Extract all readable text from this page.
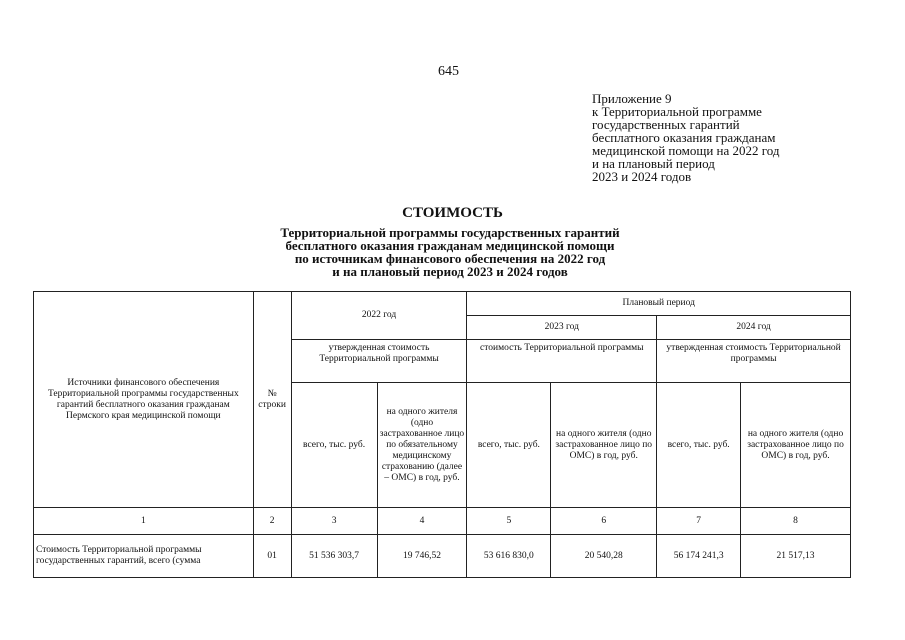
645
Приложение 9
к Территориальной программе
государственных гарантий
бесплатного оказания гражданам
медицинской помощи на 2022 год
и на плановый период
2023 и 2024 годов
СТОИМОСТЬ
Территориальной программы государственных гарантий
бесплатного оказания гражданам медицинской помощи
по источникам финансового обеспечения на 2022 год
и на плановый период 2023 и 2024 годов
Источники финансового обеспечения Территориальной программы государственных гарантий бесплатного оказания гражданам Пермского края медицинской помощи	№ строки	2022 год		Плановый период			
				2023 год		2024 год	
		утвержденная стоимость Территориальной программы		стоимость Территориальной программы		утвержденная стоимость Территориальной программы	
		всего, тыс. руб.	на одного жителя (одно застрахованное лицо по обязательному медицинскому страхованию (далее – ОМС) в год, руб.	всего, тыс. руб.	на одного жителя (одно застрахованное лицо по ОМС) в год, руб.	всего, тыс. руб.	на одного жителя (одно застрахованное лицо по ОМС) в год, руб.
1	2	3	4	5	6	7	8
Стоимость Территориальной программы государственных гарантий, всего (сумма	01	51 536 303,7	19 746,52	53 616 830,0	20 540,28	56 174 241,3	21 517,13
